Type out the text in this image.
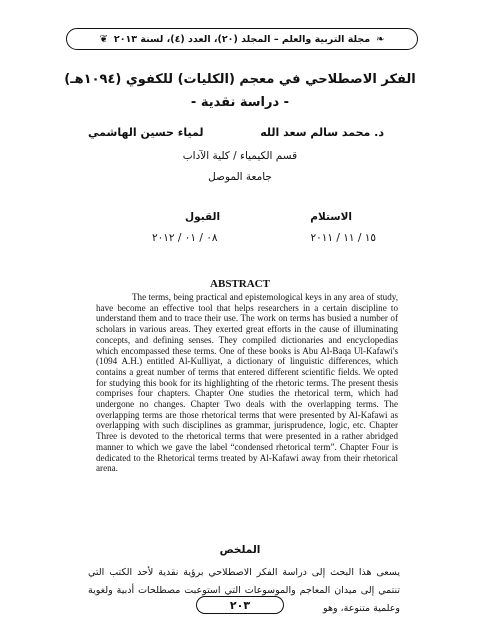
❧
مجلة التربية والعلم – المجلد (٢٠)، العدد (٤)، لسنة ٢٠١٣
❦
الفكر الاصطلاحي في معجم (الكليات) للكفوي (١٠٩٤هـ)
- دراسة نقدية -
د. محمد سالم سعد الله
لمياء حسين الهاشمي
قسم الكيمياء / كلية الآداب
جامعة الموصل
الاستلام
١٥ / ١١ / ٢٠١١
القبول
٠٨ / ٠١ / ٢٠١٢
ABSTRACT

The terms, being practical and epistemological keys in any area of study, have become an effective tool that helps researchers in a certain discipline to understand them and to trace their use. The work on terms has busied a number of scholars in various areas. They exerted great efforts in the cause of illuminating concepts, and defining senses. They compiled dictionaries and encyclopedias which encompassed these terms. One of these books is Abu Al-Baqa Ul-Kafawi's (1094 A.H.) entitled Al-Kulliyat, a dictionary of linguistic differences, which contains a great number of terms that entered different scientific fields. We opted for studying this book for its highlighting of the rhetoric terms. The present thesis comprises four chapters. Chapter One studies the rhetorical term, which had undergone no changes. Chapter Two deals with the overlapping terms. The overlapping terms are those rhetorical terms that were presented by Al-Kafawi as overlapping with such disciplines as grammar, jurisprudence, logic, etc. Chapter Three is devoted to the rhetorical terms that were presented in a rather abridged manner to which we gave the label “condensed rhetorical term”. Chapter Four is dedicated to the Rhetorical terms treated by Al-Kafawi away from their rhetorical arena.

الملخص

يسعى هذا البحث إلى دراسة الفكر الاصطلاحي برؤية نقدية لأحد الكتب التي تنتمي إلى ميدان المعاجم والموسوعات التي استوعبت مصطلحات أدبية ولغوية وعلمية متنوعة، وهو

٢٠٣
